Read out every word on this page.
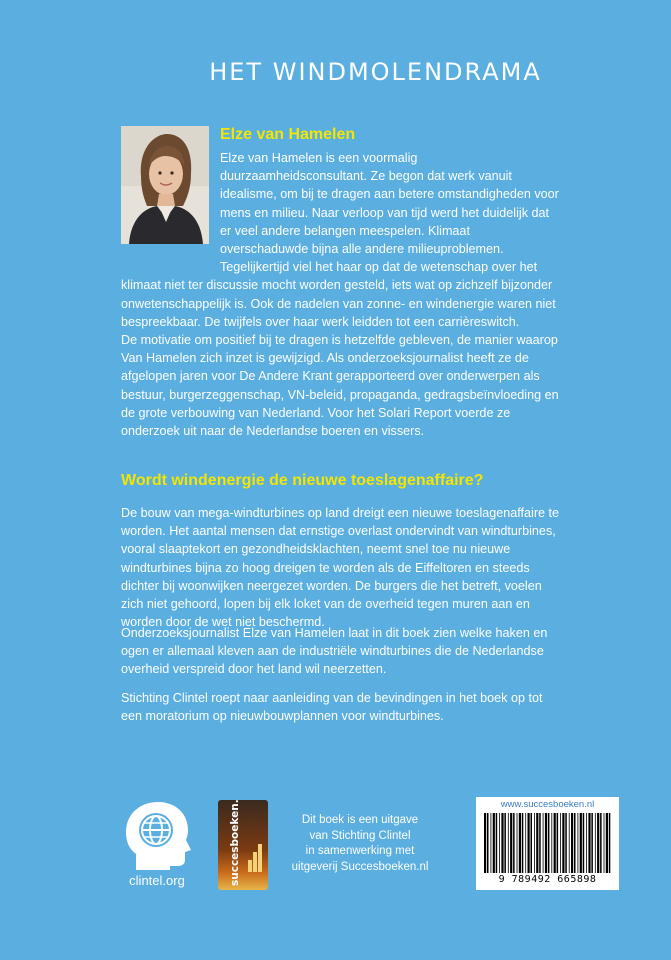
HET WINDMOLENDRAMA
Elze van Hamelen

Elze van Hamelen is een voormalig duurzaamheidsconsultant. Ze begon dat werk vanuit idealisme, om bij te dragen aan betere omstandigheden voor mens en milieu. Naar verloop van tijd werd het duidelijk dat er veel andere belangen meespelen. Klimaat overschaduwde bijna alle andere milieuproblemen. Tegelijkertijd viel het haar op dat de wetenschap over het klimaat niet ter discussie mocht worden gesteld, iets wat op zichzelf bijzonder onwetenschappelijk is. Ook de nadelen van zonne- en windenergie waren niet bespreekbaar. De twijfels over haar werk leidden tot een carrièreswitch.

De motivatie om positief bij te dragen is hetzelfde gebleven, de manier waarop Van Hamelen zich inzet is gewijzigd. Als onderzoeksjournalist heeft ze de afgelopen jaren voor De Andere Krant gerapporteerd over onderwerpen als bestuur, burgerzeggenschap, VN-beleid, propaganda, gedragsbeïnvloeding en de grote verbouwing van Nederland. Voor het Solari Report voerde ze onderzoek uit naar de Nederlandse boeren en vissers.

Wordt windenergie de nieuwe toeslagenaffaire?

De bouw van mega-windturbines op land dreigt een nieuwe toeslagenaffaire te worden. Het aantal mensen dat ernstige overlast ondervindt van windturbines, vooral slaaptekort en gezondheidsklachten, neemt snel toe nu nieuwe windturbines bijna zo hoog dreigen te worden als de Eiffeltoren en steeds dichter bij woonwijken neergezet worden. De burgers die het betreft, voelen zich niet gehoord, lopen bij elk loket van de overheid tegen muren aan en worden door de wet niet beschermd.

Onderzoeksjournalist Elze van Hamelen laat in dit boek zien welke haken en ogen er allemaal kleven aan de industriële windturbines die de Nederlandse overheid verspreid door het land wil neerzetten.

Stichting Clintel roept naar aanleiding van de bevindingen in het boek op tot een moratorium op nieuwbouwplannen voor windturbines.

clintel.org	succesboeken.nl	Dit boek is een uitgave
van Stichting Clintel
in samenwerking met
uitgeverij Succesboeken.nl
www.succesboeken.nl
9 789492 665898
